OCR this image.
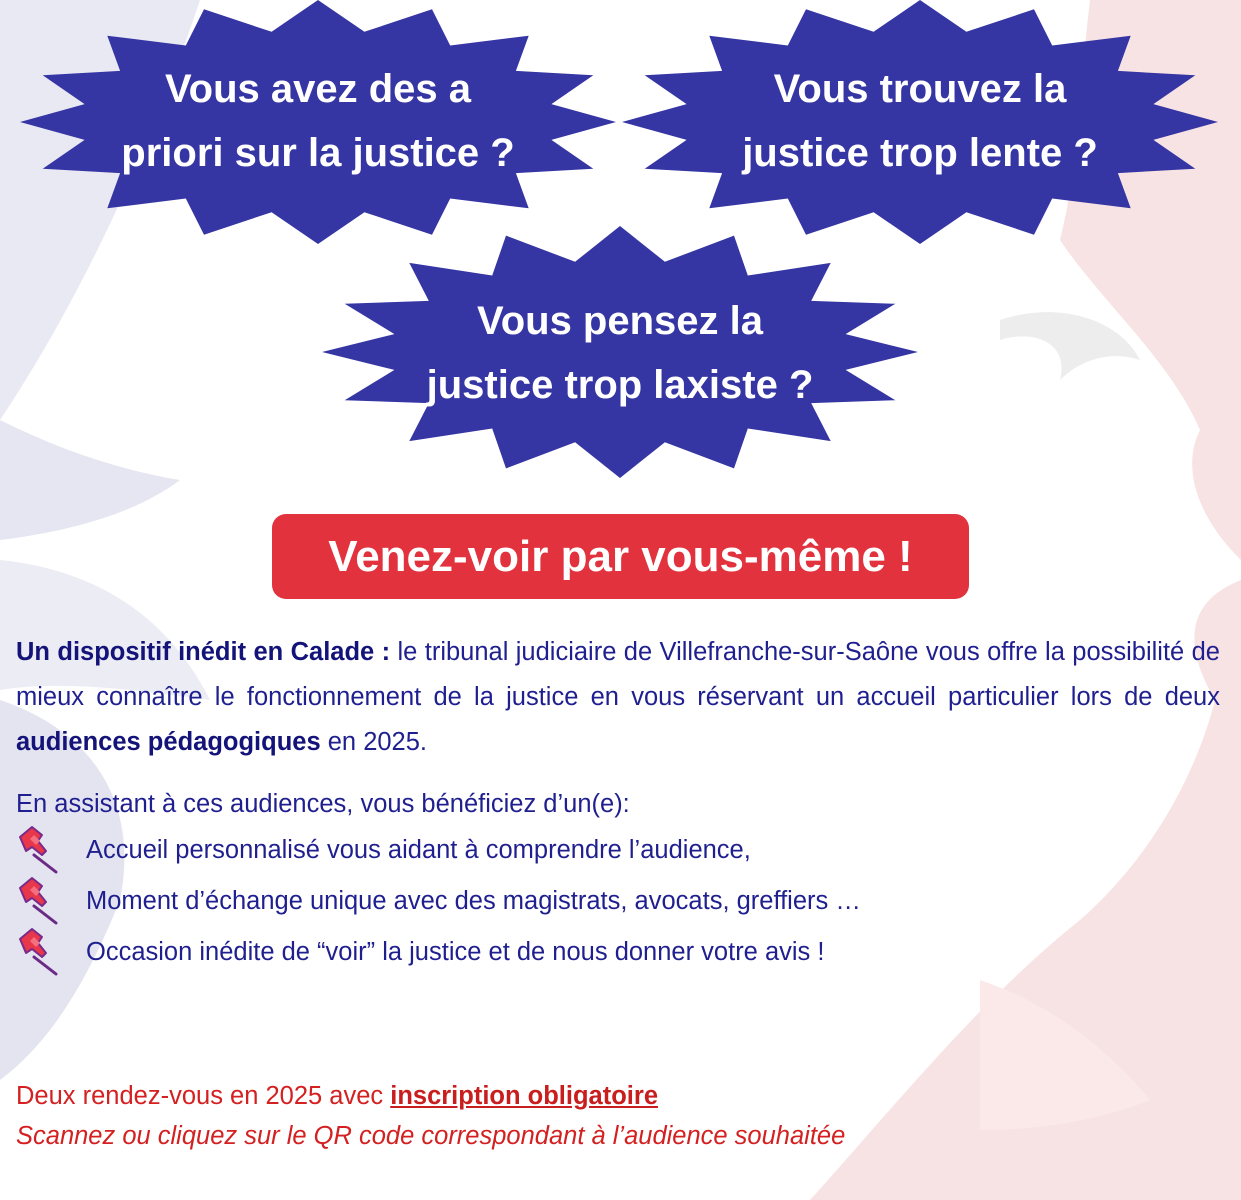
Vous avez des a
priori sur la justice ?
Vous trouvez la
justice trop lente ?
Vous pensez la
justice trop laxiste ?
Venez-voir par vous-même !
Un dispositif inédit en Calade : le tribunal judiciaire de Villefranche-sur-Saône vous offre la possibilité de mieux connaître le fonctionnement de la justice en vous réservant un accueil particulier lors de deux audiences pédagogiques en 2025.
En assistant à ces audiences, vous bénéficiez d’un(e):
Accueil personnalisé vous aidant à comprendre l’audience,
Moment d’échange unique avec des magistrats, avocats, greffiers …
Occasion inédite de “voir” la justice et de nous donner votre avis !
Deux rendez-vous en 2025 avec inscription obligatoire
Scannez ou cliquez sur le QR code correspondant à l’audience souhaitée
